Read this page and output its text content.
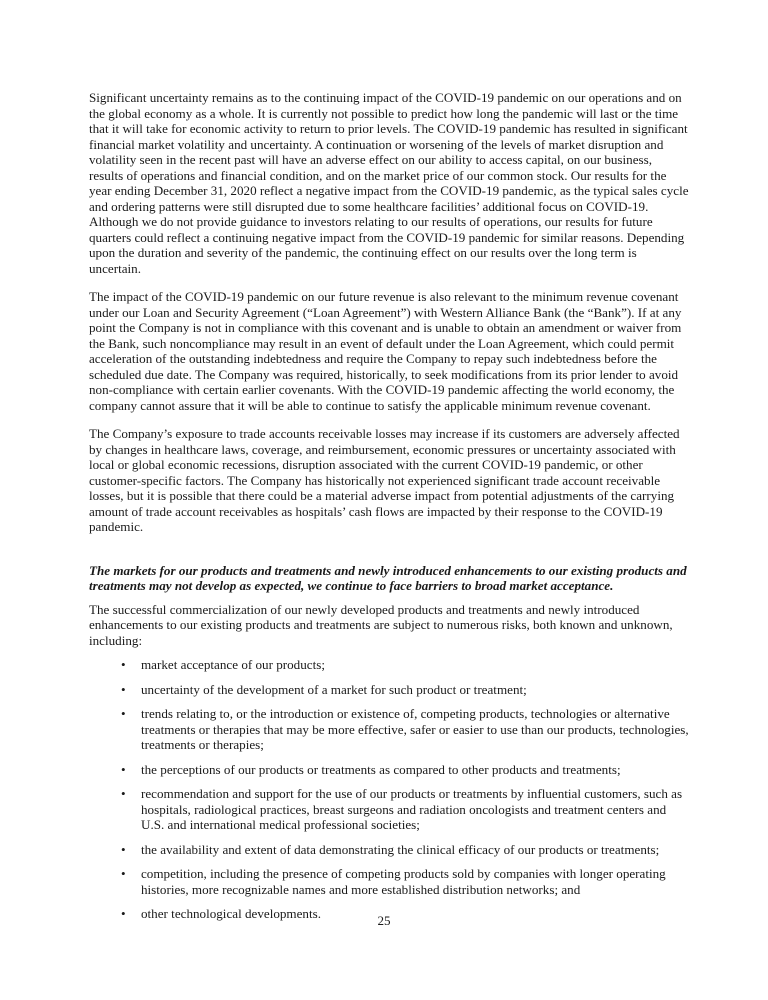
Significant uncertainty remains as to the continuing impact of the COVID-19 pandemic on our operations and on the global economy as a whole. It is currently not possible to predict how long the pandemic will last or the time that it will take for economic activity to return to prior levels. The COVID-19 pandemic has resulted in significant financial market volatility and uncertainty. A continuation or worsening of the levels of market disruption and volatility seen in the recent past will have an adverse effect on our ability to access capital, on our business, results of operations and financial condition, and on the market price of our common stock. Our results for the year ending December 31, 2020 reflect a negative impact from the COVID-19 pandemic, as the typical sales cycle and ordering patterns were still disrupted due to some healthcare facilities’ additional focus on COVID-19. Although we do not provide guidance to investors relating to our results of operations, our results for future quarters could reflect a continuing negative impact from the COVID-19 pandemic for similar reasons. Depending upon the duration and severity of the pandemic, the continuing effect on our results over the long term is uncertain.

The impact of the COVID-19 pandemic on our future revenue is also relevant to the minimum revenue covenant under our Loan and Security Agreement (“Loan Agreement”) with Western Alliance Bank (the “Bank”). If at any point the Company is not in compliance with this covenant and is unable to obtain an amendment or waiver from the Bank, such noncompliance may result in an event of default under the Loan Agreement, which could permit acceleration of the outstanding indebtedness and require the Company to repay such indebtedness before the scheduled due date. The Company was required, historically, to seek modifications from its prior lender to avoid non-compliance with certain earlier covenants. With the COVID-19 pandemic affecting the world economy, the company cannot assure that it will be able to continue to satisfy the applicable minimum revenue covenant.

The Company’s exposure to trade accounts receivable losses may increase if its customers are adversely affected by changes in healthcare laws, coverage, and reimbursement, economic pressures or uncertainty associated with local or global economic recessions, disruption associated with the current COVID-19 pandemic, or other customer-specific factors. The Company has historically not experienced significant trade account receivable losses, but it is possible that there could be a material adverse impact from potential adjustments of the carrying amount of trade account receivables as hospitals’ cash flows are impacted by their response to the COVID-19 pandemic.

The markets for our products and treatments and newly introduced enhancements to our existing products and treatments may not develop as expected, we continue to face barriers to broad market acceptance.

The successful commercialization of our newly developed products and treatments and newly introduced enhancements to our existing products and treatments are subject to numerous risks, both known and unknown, including:

• market acceptance of our products;
• uncertainty of the development of a market for such product or treatment;
• trends relating to, or the introduction or existence of, competing products, technologies or alternative treatments or therapies that may be more effective, safer or easier to use than our products, technologies, treatments or therapies;
• the perceptions of our products or treatments as compared to other products and treatments;
• recommendation and support for the use of our products or treatments by influential customers, such as hospitals, radiological practices, breast surgeons and radiation oncologists and treatment centers and U.S. and international medical professional societies;
• the availability and extent of data demonstrating the clinical efficacy of our products or treatments;
• competition, including the presence of competing products sold by companies with longer operating histories, more recognizable names and more established distribution networks; and
• other technological developments.	25
